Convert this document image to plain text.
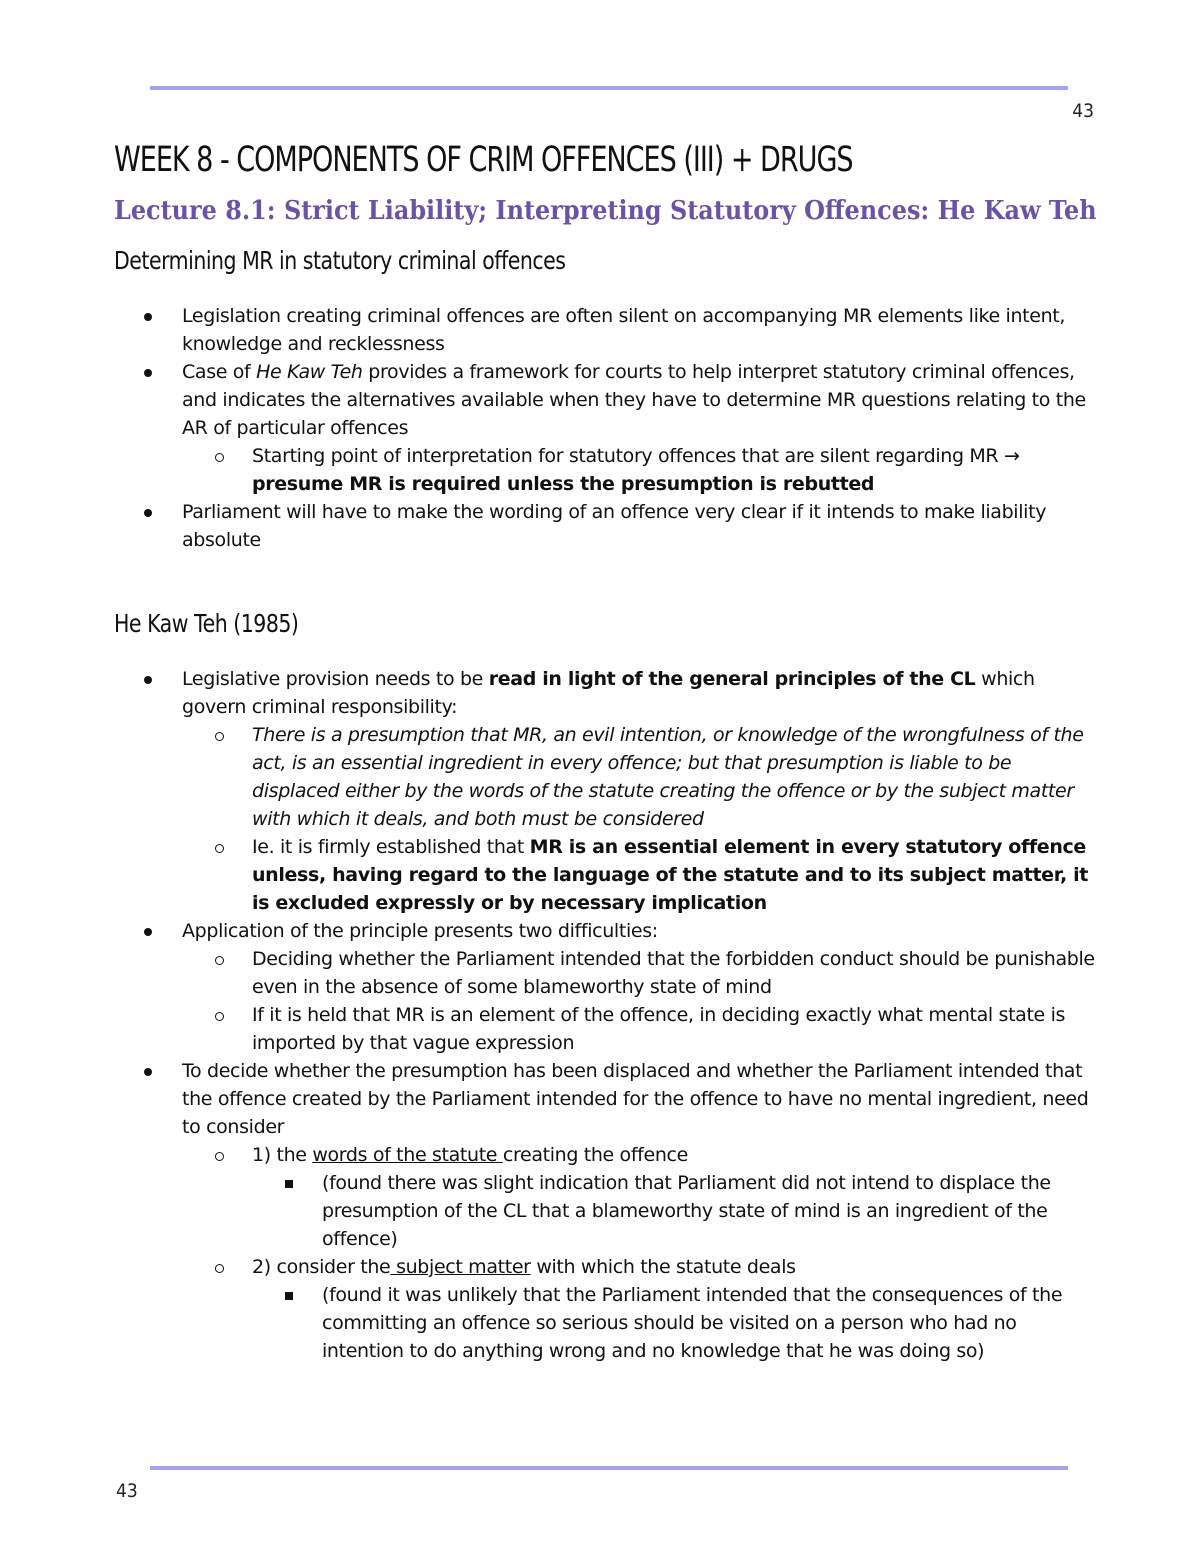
43
WEEK 8 - COMPONENTS OF CRIM OFFENCES (III) + DRUGS
Lecture 8.1: Strict Liability; Interpreting Statutory Offences: He Kaw Teh
Determining MR in statutory criminal offences
Legislation creating criminal offences are often silent on accompanying MR elements like intent, knowledge and recklessness
Case of He Kaw Teh provides a framework for courts to help interpret statutory criminal offences, and indicates the alternatives available when they have to determine MR questions relating to the AR of particular offences
Starting point of interpretation for statutory offences that are silent regarding MR → presume MR is required unless the presumption is rebutted
Parliament will have to make the wording of an offence very clear if it intends to make liability absolute
He Kaw Teh (1985)
Legislative provision needs to be read in light of the general principles of the CL which govern criminal responsibility:
There is a presumption that MR, an evil intention, or knowledge of the wrongfulness of the act, is an essential ingredient in every offence; but that presumption is liable to be displaced either by the words of the statute creating the offence or by the subject matter with which it deals, and both must be considered
Ie. it is firmly established that MR is an essential element in every statutory offence unless, having regard to the language of the statute and to its subject matter, it is excluded expressly or by necessary implication
Application of the principle presents two difficulties:
Deciding whether the Parliament intended that the forbidden conduct should be punishable even in the absence of some blameworthy state of mind
If it is held that MR is an element of the offence, in deciding exactly what mental state is imported by that vague expression
To decide whether the presumption has been displaced and whether the Parliament intended that the offence created by the Parliament intended for the offence to have no mental ingredient, need to consider
1) the words of the statute creating the offence
(found there was slight indication that Parliament did not intend to displace the presumption of the CL that a blameworthy state of mind is an ingredient of the offence)
2) consider the subject matter with which the statute deals
(found it was unlikely that the Parliament intended that the consequences of the committing an offence so serious should be visited on a person who had no intention to do anything wrong and no knowledge that he was doing so)
43
